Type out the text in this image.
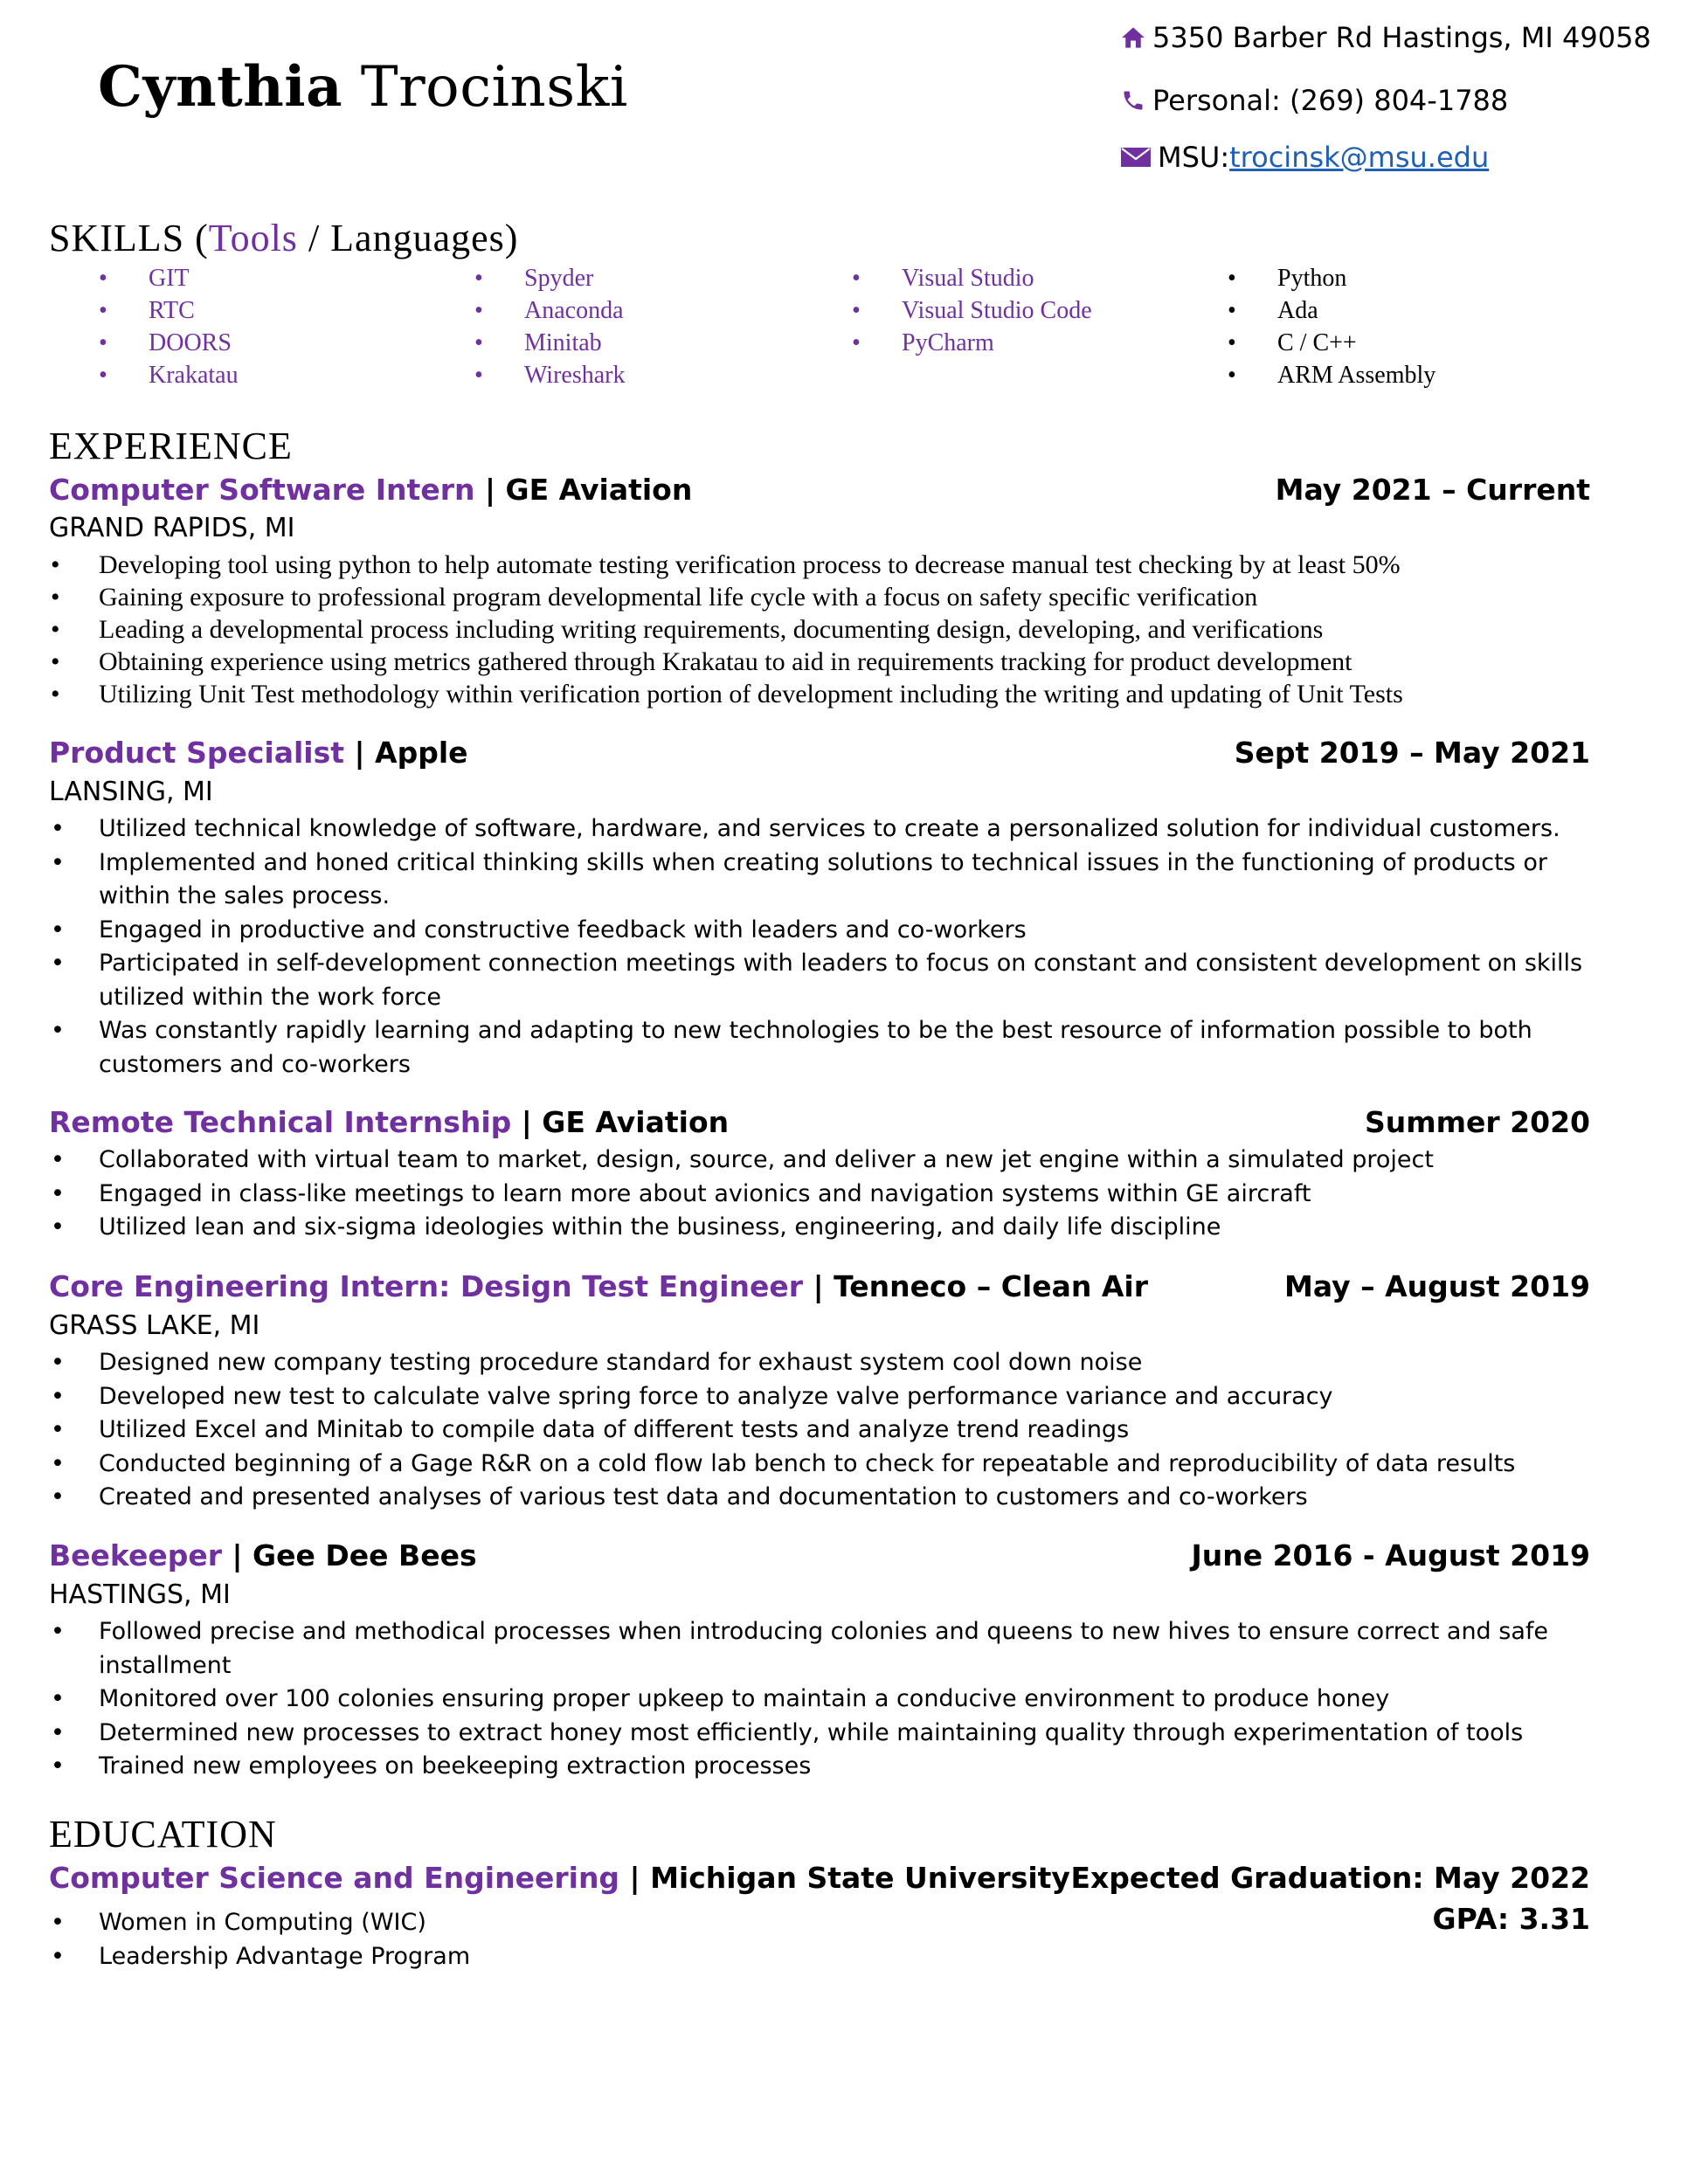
Cynthia Trocinski
5350 Barber Rd Hastings, MI 49058
Personal: (269) 804-1788
MSU: trocinsk@msu.edu
SKILLS (Tools / Languages)
• GIT
• RTC
• DOORS
• Krakatau
• Spyder
• Anaconda
• Minitab
• Wireshark
• Visual Studio
• Visual Studio Code
• PyCharm
• Python
• Ada
• C / C++
• ARM Assembly
EXPERIENCE
Computer Software Intern | GE Aviation	May 2021 – Current
GRAND RAPIDS, MI
• Developing tool using python to help automate testing verification process to decrease manual test checking by at least 50%
• Gaining exposure to professional program developmental life cycle with a focus on safety specific verification
• Leading a developmental process including writing requirements, documenting design, developing, and verifications
• Obtaining experience using metrics gathered through Krakatau to aid in requirements tracking for product development
• Utilizing Unit Test methodology within verification portion of development including the writing and updating of Unit Tests
Product Specialist | Apple	Sept 2019 – May 2021
LANSING, MI
• Utilized technical knowledge of software, hardware, and services to create a personalized solution for individual customers.
• Implemented and honed critical thinking skills when creating solutions to technical issues in the functioning of products or within the sales process.
• Engaged in productive and constructive feedback with leaders and co-workers
• Participated in self-development connection meetings with leaders to focus on constant and consistent development on skills utilized within the work force
• Was constantly rapidly learning and adapting to new technologies to be the best resource of information possible to both customers and co-workers
Remote Technical Internship | GE Aviation	Summer 2020
• Collaborated with virtual team to market, design, source, and deliver a new jet engine within a simulated project
• Engaged in class-like meetings to learn more about avionics and navigation systems within GE aircraft
• Utilized lean and six-sigma ideologies within the business, engineering, and daily life discipline
Core Engineering Intern: Design Test Engineer | Tenneco – Clean Air	May – August 2019
GRASS LAKE, MI
• Designed new company testing procedure standard for exhaust system cool down noise
• Developed new test to calculate valve spring force to analyze valve performance variance and accuracy
• Utilized Excel and Minitab to compile data of different tests and analyze trend readings
• Conducted beginning of a Gage R&R on a cold flow lab bench to check for repeatable and reproducibility of data results
• Created and presented analyses of various test data and documentation to customers and co-workers
Beekeeper | Gee Dee Bees	June 2016 - August 2019
HASTINGS, MI
• Followed precise and methodical processes when introducing colonies and queens to new hives to ensure correct and safe installment
• Monitored over 100 colonies ensuring proper upkeep to maintain a conducive environment to produce honey
• Determined new processes to extract honey most efficiently, while maintaining quality through experimentation of tools
• Trained new employees on beekeeping extraction processes
EDUCATION
Computer Science and Engineering | Michigan State University Expected Graduation: May 2022
GPA: 3.31
• Women in Computing (WIC)
• Leadership Advantage Program
